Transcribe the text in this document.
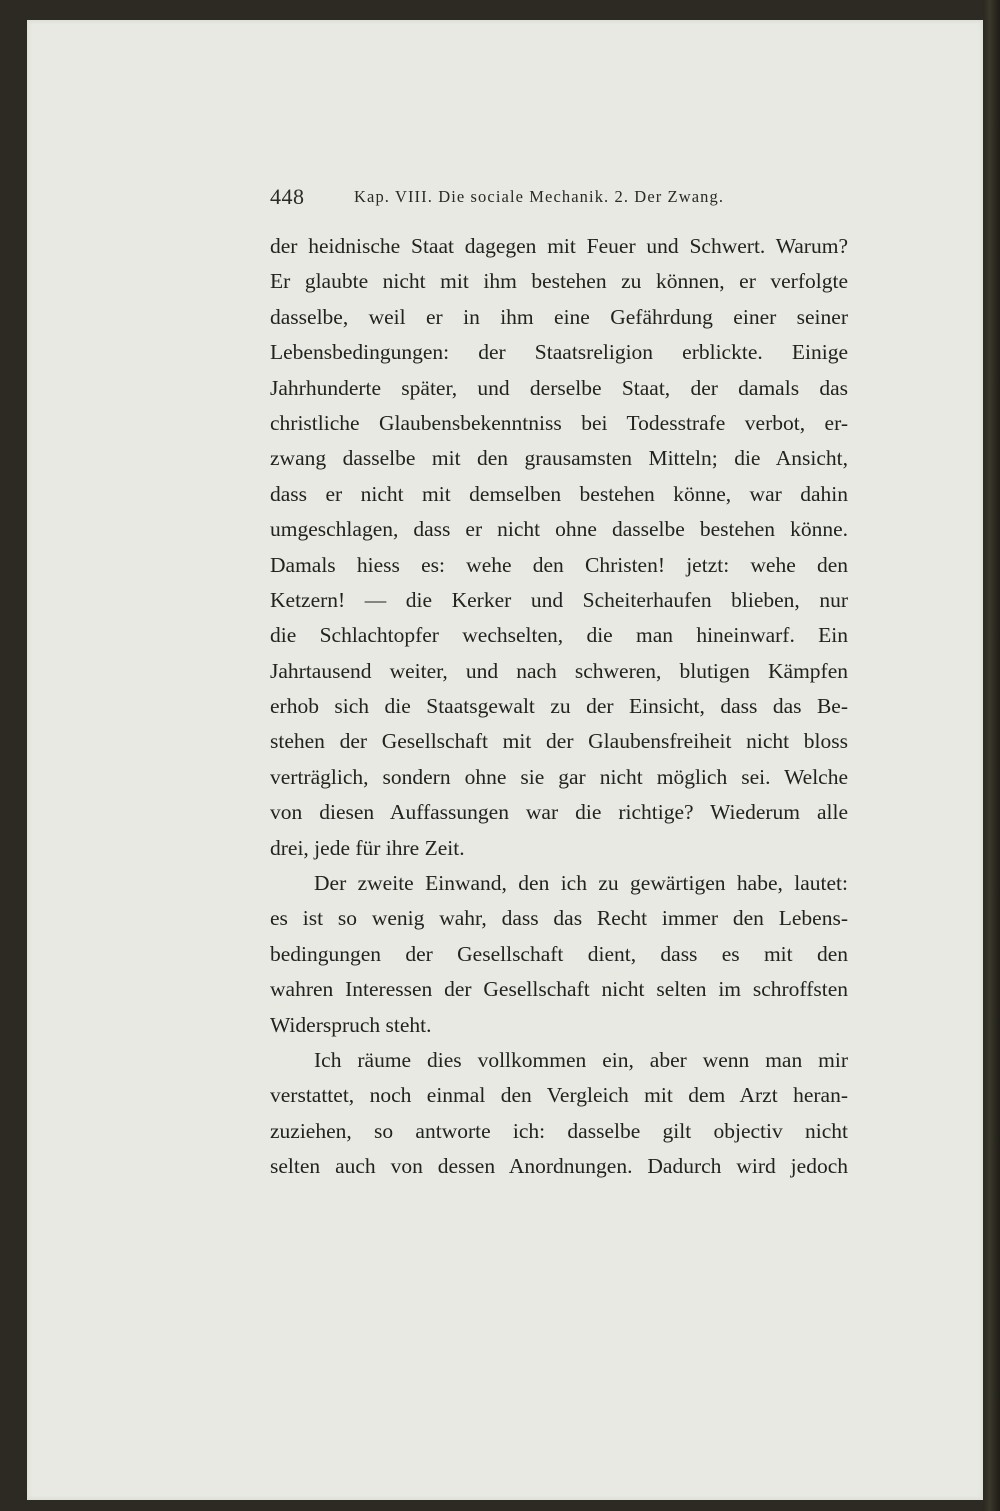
448	Kap. VIII. Die sociale Mechanik. 2. Der Zwang.
der heidnische Staat dagegen mit Feuer und Schwert. Warum?
Er glaubte nicht mit ihm bestehen zu können, er verfolgte
dasselbe, weil er in ihm eine Gefährdung einer seiner
Lebensbedingungen: der Staatsreligion erblickte. Einige
Jahrhunderte später, und derselbe Staat, der damals das
christliche Glaubensbekenntniss bei Todesstrafe verbot, er-
zwang dasselbe mit den grausamsten Mitteln; die Ansicht,
dass er nicht mit demselben bestehen könne, war dahin
umgeschlagen, dass er nicht ohne dasselbe bestehen könne.
Damals hiess es: wehe den Christen! jetzt: wehe den
Ketzern! — die Kerker und Scheiterhaufen blieben, nur
die Schlachtopfer wechselten, die man hineinwarf. Ein
Jahrtausend weiter, und nach schweren, blutigen Kämpfen
erhob sich die Staatsgewalt zu der Einsicht, dass das Be-
stehen der Gesellschaft mit der Glaubensfreiheit nicht bloss
verträglich, sondern ohne sie gar nicht möglich sei. Welche
von diesen Auffassungen war die richtige? Wiederum alle
drei, jede für ihre Zeit.
Der zweite Einwand, den ich zu gewärtigen habe, lautet:
es ist so wenig wahr, dass das Recht immer den Lebens-
bedingungen der Gesellschaft dient, dass es mit den
wahren Interessen der Gesellschaft nicht selten im schroffsten
Widerspruch steht.
Ich räume dies vollkommen ein, aber wenn man mir
verstattet, noch einmal den Vergleich mit dem Arzt heran-
zuziehen, so antworte ich: dasselbe gilt objectiv nicht
selten auch von dessen Anordnungen. Dadurch wird jedoch
